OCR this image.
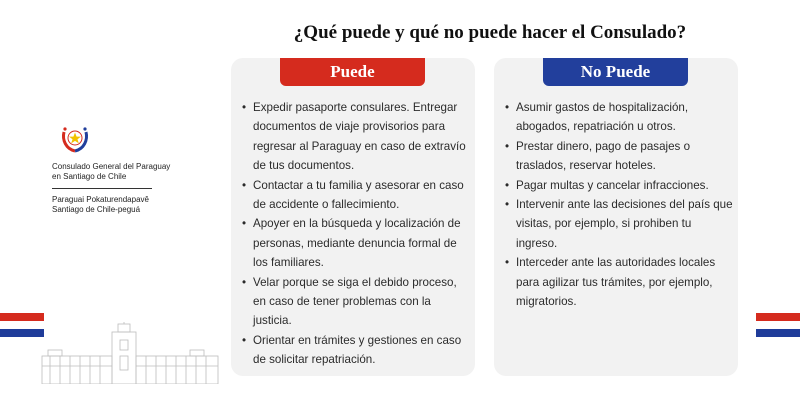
Consulado General del Paraguay
en Santiago de Chile
Paraguai Pokaturendapavê
Santiago de Chile-peguá
¿Qué puede y qué no puede hacer el Consulado?
Puede	No Puede
• Expedir pasaporte consulares. Entregar documentos de viaje provisorios para regresar al Paraguay en caso de extravío de tus documentos.
• Contactar a tu familia y asesorar en caso de accidente o fallecimiento.
• Apoyer en la búsqueda y localización de personas, mediante denuncia formal de los familiares.
• Velar porque se siga el debido proceso, en caso de tener problemas con la justicia.
• Orientar en trámites y gestiones en caso de solicitar repatriación.
• Asumir gastos de hospitalización, abogados, repatriación u otros.
• Prestar dinero, pago de pasajes o traslados, reservar hoteles.
• Pagar multas y cancelar infracciones.
• Intervenir ante las decisiones del país que visitas, por ejemplo, si prohiben tu ingreso.
• Interceder ante las autoridades locales para agilizar tus trámites, por ejemplo, migratorios.
